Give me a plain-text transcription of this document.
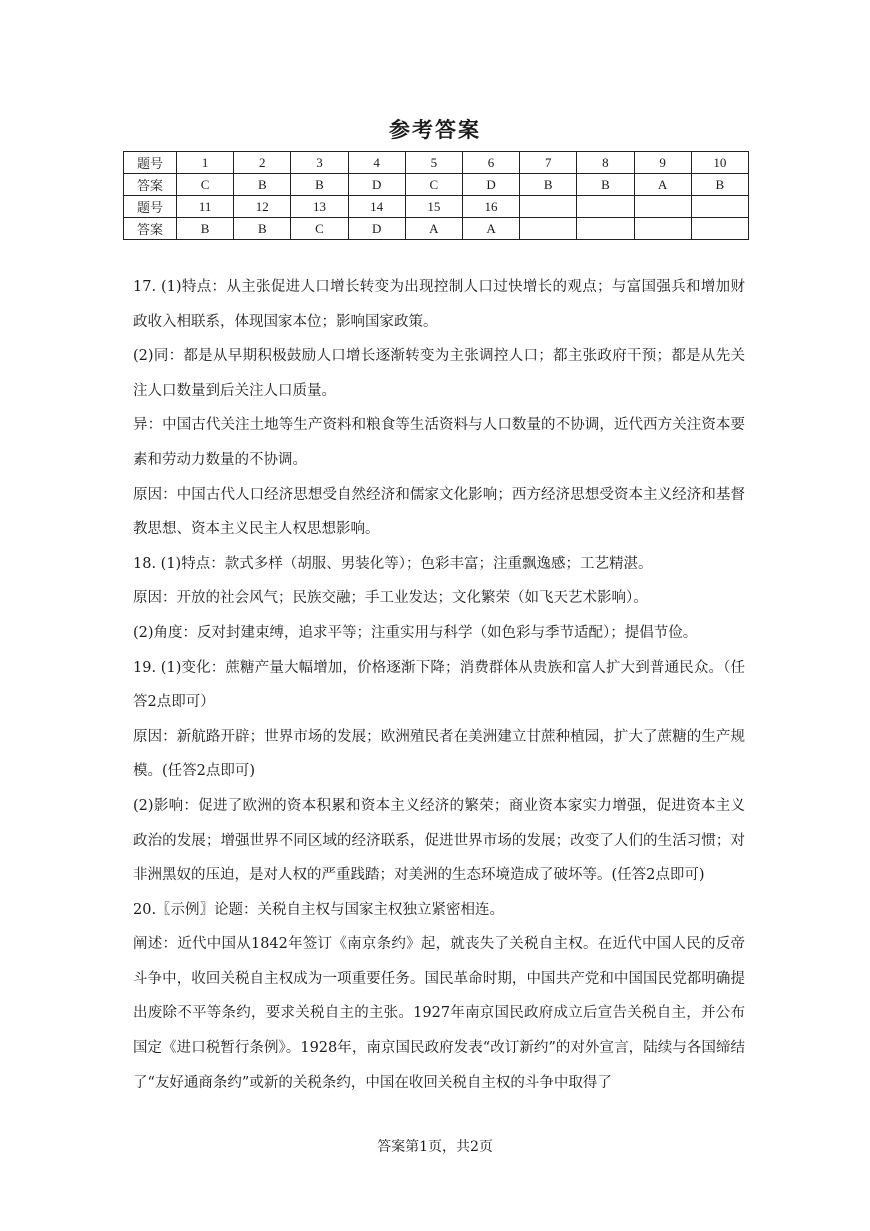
参考答案
题号	1	2	3	4	5	6	7	8	9	10
答案	C	B	B	D	C	D	B	B	A	B
题号	11	12	13	14	15	16				
答案	B	B	C	D	A	A				

17. (1)特点：从主张促进人口增长转变为出现控制人口过快增长的观点；与富国强兵和增加财政收入相联系，体现国家本位；影响国家政策。

(2)同：都是从早期积极鼓励人口增长逐渐转变为主张调控人口；都主张政府干预；都是从先关注人口数量到后关注人口质量。

异：中国古代关注土地等生产资料和粮食等生活资料与人口数量的不协调，近代西方关注资本要素和劳动力数量的不协调。

原因：中国古代人口经济思想受自然经济和儒家文化影响；西方经济思想受资本主义经济和基督教思想、资本主义民主人权思想影响。

18. (1)特点：款式多样（胡服、男装化等）；色彩丰富；注重飘逸感；工艺精湛。

原因：开放的社会风气；民族交融；手工业发达；文化繁荣（如飞天艺术影响）。

(2)角度：反对封建束缚，追求平等；注重实用与科学（如色彩与季节适配）；提倡节俭。

19. (1)变化：蔗糖产量大幅增加，价格逐渐下降；消费群体从贵族和富人扩大到普通民众。（任答2点即可）

原因：新航路开辟；世界市场的发展；欧洲殖民者在美洲建立甘蔗种植园，扩大了蔗糖的生产规模。(任答2点即可)

(2)影响：促进了欧洲的资本积累和资本主义经济的繁荣；商业资本家实力增强，促进资本主义政治的发展；增强世界不同区域的经济联系，促进世界市场的发展；改变了人们的生活习惯；对非洲黑奴的压迫，是对人权的严重践踏；对美洲的生态环境造成了破坏等。(任答2点即可)

20.〖示例〗论题：关税自主权与国家主权独立紧密相连。

阐述：近代中国从1842年签订《南京条约》起，就丧失了关税自主权。在近代中国人民的反帝斗争中，收回关税自主权成为一项重要任务。国民革命时期，中国共产党和中国国民党都明确提出废除不平等条约，要求关税自主的主张。1927年南京国民政府成立后宣告关税自主，并公布国定《进口税暂行条例》。1928年，南京国民政府发表“改订新约”的对外宣言，陆续与各国缔结了“友好通商条约”或新的关税条约，中国在收回关税自主权的斗争中取得了

答案第1页，共2页
